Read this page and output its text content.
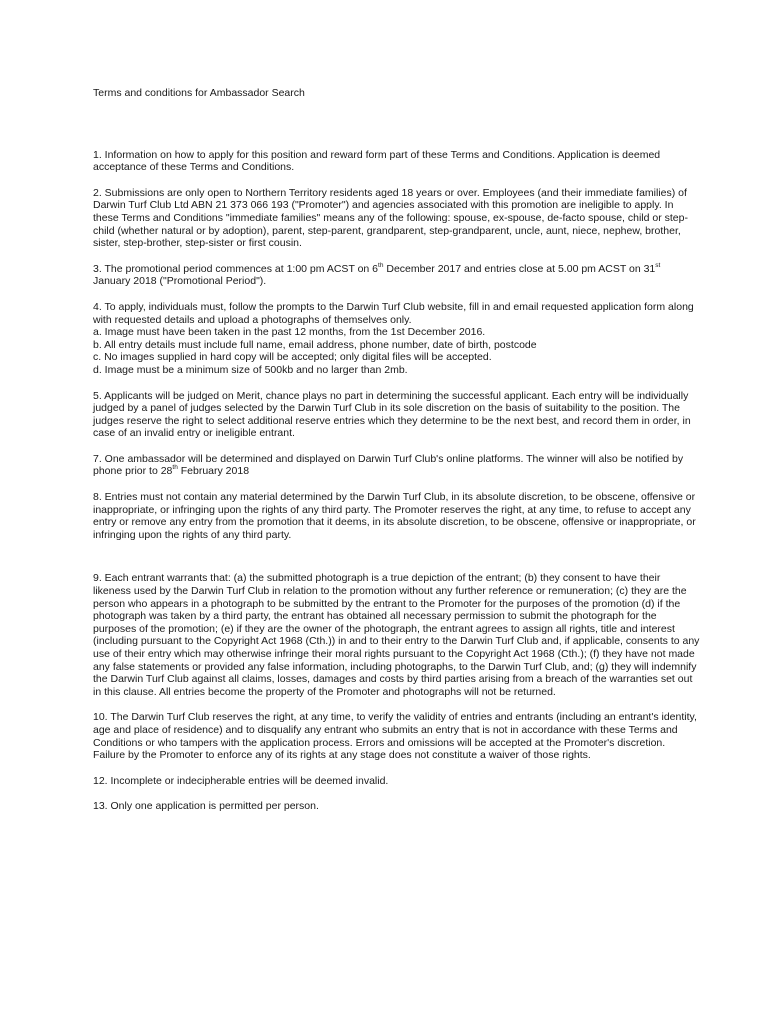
Terms and conditions for Ambassador Search
1. Information on how to apply for this position and reward form part of these Terms and Conditions. Application is deemed acceptance of these Terms and Conditions.
2. Submissions are only open to Northern Territory residents aged 18 years or over. Employees (and their immediate families) of Darwin Turf Club Ltd ABN 21 373 066 193 ("Promoter") and agencies associated with this promotion are ineligible to apply. In these Terms and Conditions "immediate families" means any of the following: spouse, ex-spouse, de-facto spouse, child or step-child (whether natural or by adoption), parent, step-parent, grandparent, step-grandparent, uncle, aunt, niece, nephew, brother, sister, step-brother, step-sister or first cousin.
3. The promotional period commences at 1:00 pm ACST on 6th December 2017 and entries close at 5.00 pm ACST on 31st January 2018 ("Promotional Period").
4. To apply, individuals must, follow the prompts to the Darwin Turf Club website, fill in and email requested application form along with requested details and upload a photographs of themselves only.
a. Image must have been taken in the past 12 months, from the 1st December 2016.
b. All entry details must include full name, email address, phone number, date of birth, postcode
c. No images supplied in hard copy will be accepted; only digital files will be accepted.
d. Image must be a minimum size of 500kb and no larger than 2mb.
5. Applicants will be judged on Merit, chance plays no part in determining the successful applicant. Each entry will be individually judged by a panel of judges selected by the Darwin Turf Club in its sole discretion on the basis of suitability to the position. The judges reserve the right to select additional reserve entries which they determine to be the next best, and record them in order, in case of an invalid entry or ineligible entrant.
7. One ambassador will be determined and displayed on Darwin Turf Club's online platforms. The winner will also be notified by phone prior to 28th February 2018
8. Entries must not contain any material determined by the Darwin Turf Club, in its absolute discretion, to be obscene, offensive or inappropriate, or infringing upon the rights of any third party. The Promoter reserves the right, at any time, to refuse to accept any entry or remove any entry from the promotion that it deems, in its absolute discretion, to be obscene, offensive or inappropriate, or infringing upon the rights of any third party.
9. Each entrant warrants that: (a) the submitted photograph is a true depiction of the entrant; (b) they consent to have their likeness used by the Darwin Turf Club in relation to the promotion without any further reference or remuneration; (c) they are the person who appears in a photograph to be submitted by the entrant to the Promoter for the purposes of the promotion (d) if the photograph was taken by a third party, the entrant has obtained all necessary permission to submit the photograph for the purposes of the promotion; (e) if they are the owner of the photograph, the entrant agrees to assign all rights, title and interest (including pursuant to the Copyright Act 1968 (Cth.)) in and to their entry to the Darwin Turf Club and, if applicable, consents to any use of their entry which may otherwise infringe their moral rights pursuant to the Copyright Act 1968 (Cth.); (f) they have not made any false statements or provided any false information, including photographs, to the Darwin Turf Club, and; (g) they will indemnify the Darwin Turf Club against all claims, losses, damages and costs by third parties arising from a breach of the warranties set out in this clause. All entries become the property of the Promoter and photographs will not be returned.
10. The Darwin Turf Club reserves the right, at any time, to verify the validity of entries and entrants (including an entrant's identity, age and place of residence) and to disqualify any entrant who submits an entry that is not in accordance with these Terms and Conditions or who tampers with the application process. Errors and omissions will be accepted at the Promoter's discretion. Failure by the Promoter to enforce any of its rights at any stage does not constitute a waiver of those rights.
12. Incomplete or indecipherable entries will be deemed invalid.
13. Only one application is permitted per person.
